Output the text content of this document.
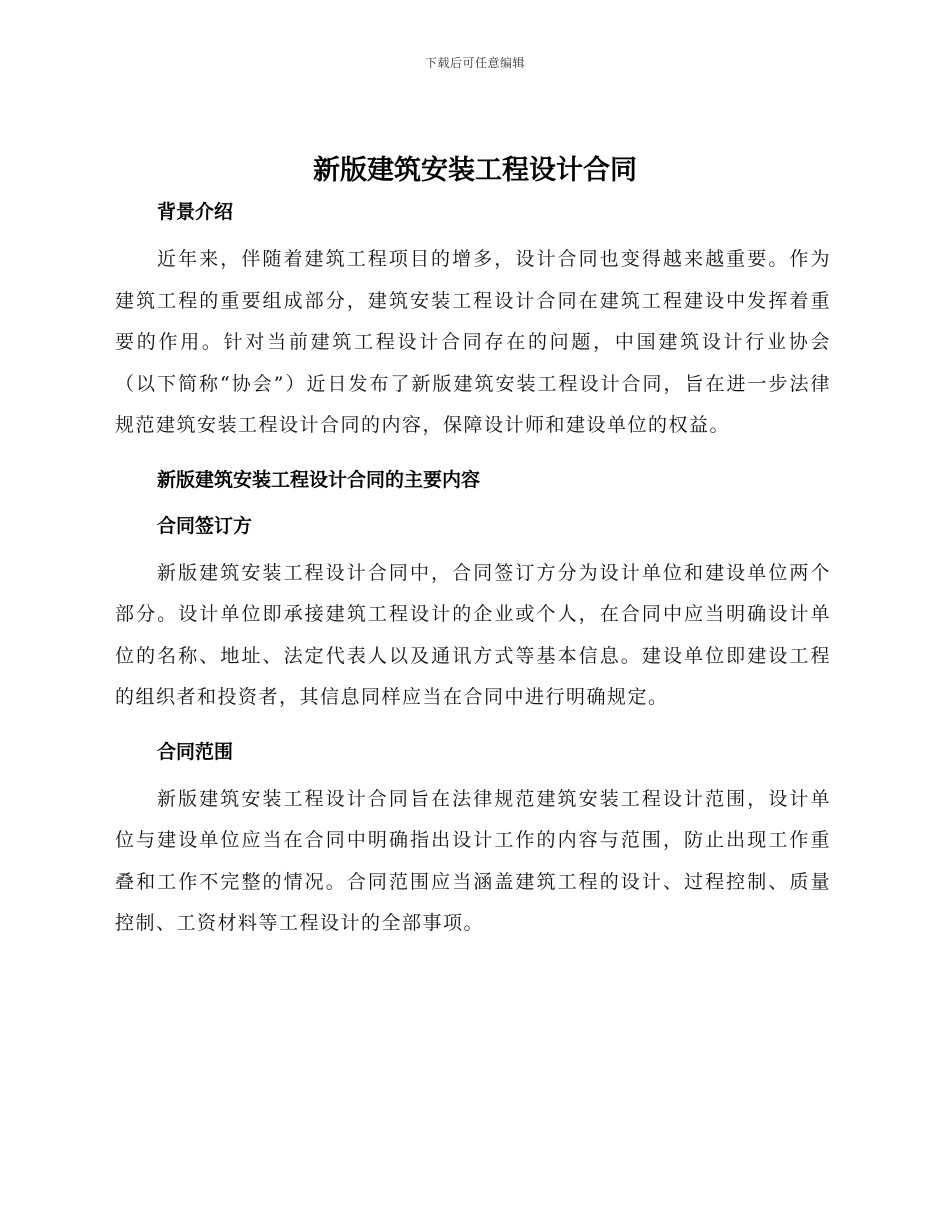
下载后可任意编辑
新版建筑安装工程设计合同
背景介绍

近年来，伴随着建筑工程项目的增多，设计合同也变得越来越重要。作为建筑工程的重要组成部分，建筑安装工程设计合同在建筑工程建设中发挥着重要的作用。针对当前建筑工程设计合同存在的问题，中国建筑设计行业协会（以下简称“协会”）近日发布了新版建筑安装工程设计合同，旨在进一步法律规范建筑安装工程设计合同的内容，保障设计师和建设单位的权益。

新版建筑安装工程设计合同的主要内容
合同签订方

新版建筑安装工程设计合同中，合同签订方分为设计单位和建设单位两个部分。设计单位即承接建筑工程设计的企业或个人，在合同中应当明确设计单位的名称、地址、法定代表人以及通讯方式等基本信息。建设单位即建设工程的组织者和投资者，其信息同样应当在合同中进行明确规定。

合同范围

新版建筑安装工程设计合同旨在法律规范建筑安装工程设计范围，设计单位与建设单位应当在合同中明确指出设计工作的内容与范围，防止出现工作重叠和工作不完整的情况。合同范围应当涵盖建筑工程的设计、过程控制、质量控制、工资材料等工程设计的全部事项。
